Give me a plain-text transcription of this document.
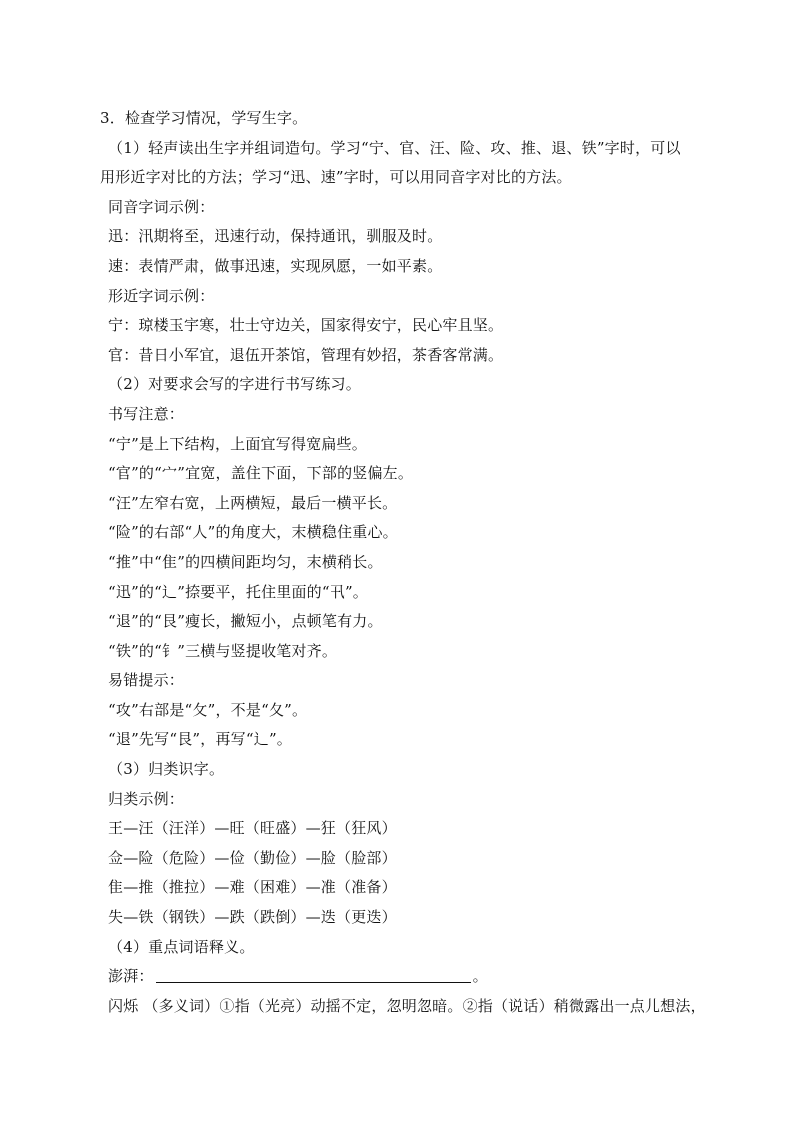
3．检查学习情况，学写生字。
（1）轻声读出生字并组词造句。学习“宁、官、汪、险、攻、推、退、铁”字时，可以
用形近字对比的方法；学习“迅、速”字时，可以用同音字对比的方法。
同音字词示例：
迅：汛期将至，迅速行动，保持通讯，驯服及时。
速：表情严肃，做事迅速，实现夙愿，一如平素。
形近字词示例：
宁：琼楼玉宇寒，壮士守边关，国家得安宁，民心牢且坚。
官：昔日小军宜，退伍开茶馆，管理有妙招，茶香客常满。
（2）对要求会写的字进行书写练习。
书写注意：
“宁”是上下结构，上面宜写得宽扁些。
“官”的“宀”宜宽，盖住下面，下部的竖偏左。
“汪”左窄右宽，上两横短，最后一横平长。
“险”的右部“人”的角度大，末横稳住重心。
“推”中“隹”的四横间距均匀，末横稍长。
“迅”的“辶”捺要平，托住里面的“卂”。
“退”的“艮”瘦长，撇短小，点顿笔有力。
“铁”的“钅”三横与竖提收笔对齐。
易错提示：
“攻”右部是“攵”，不是“夂”。
“退”先写“艮”，再写“辶”。
（3）归类识字。
归类示例：
王—汪（汪洋）—旺（旺盛）—狂（狂风）
佥—险（危险）—俭（勤俭）—脸（脸部）
隹—推（推拉）—难（困难）—准（准备）
失—铁（钢铁）—跌（跌倒）—迭（更迭）
（4）重点词语释义。
澎湃：	。
闪烁 （多义词）①指（光亮）动摇不定，忽明忽暗。②指（说话）稍微露出一点儿想法，
